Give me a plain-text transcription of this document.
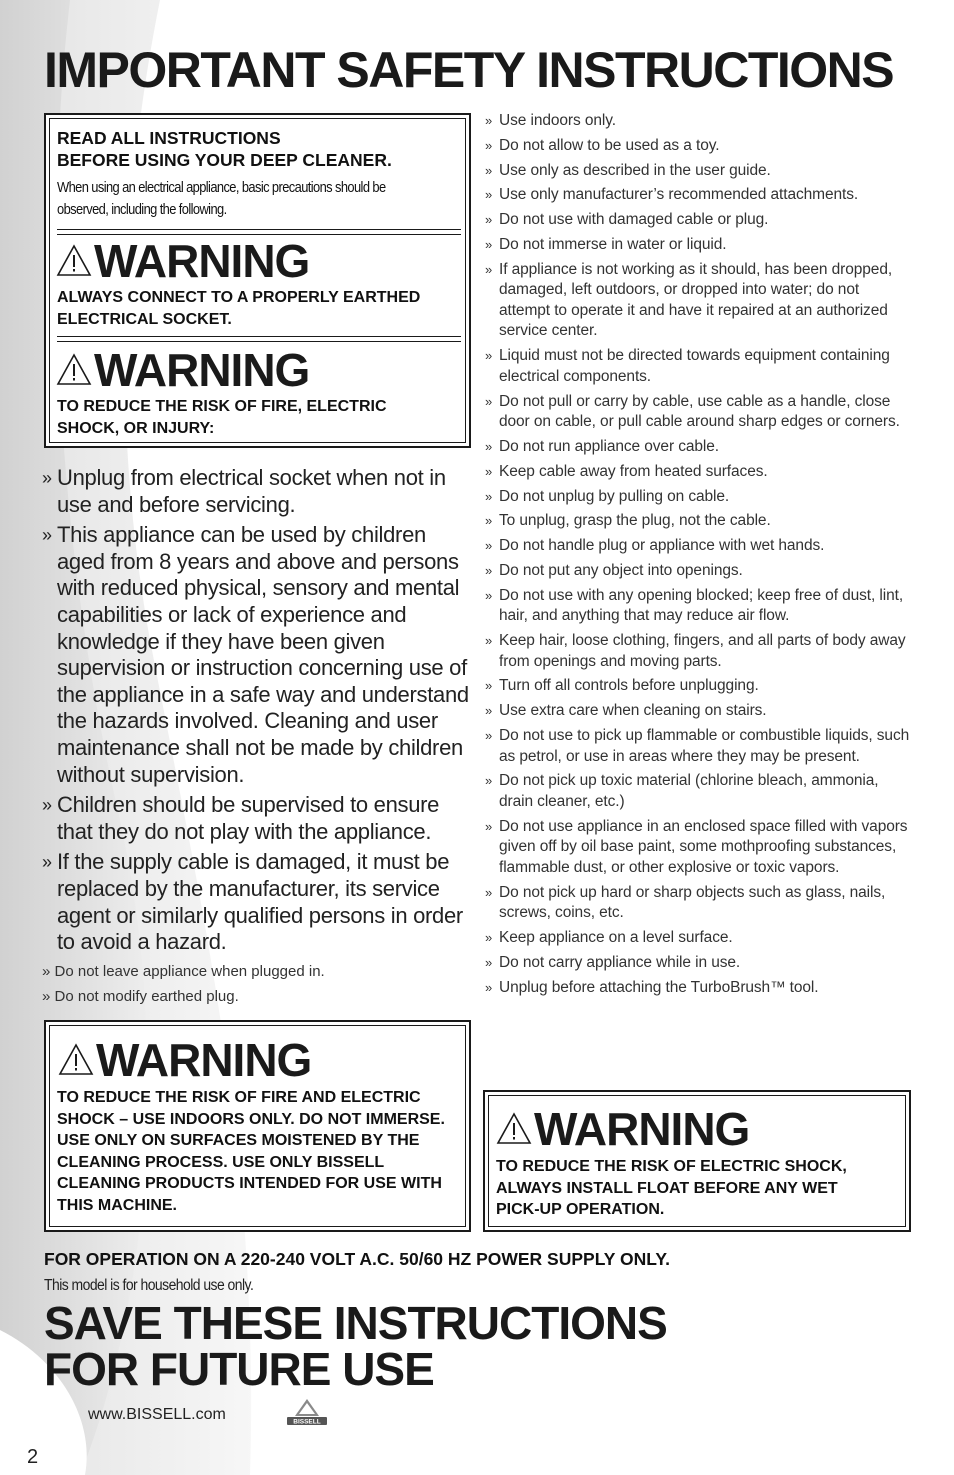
IMPORTANT SAFETY INSTRUCTIONS

READ ALL INSTRUCTIONS
BEFORE USING YOUR DEEP CLEANER.

When using an electrical appliance, basic precautions should be observed, including the following.

WARNING

ALWAYS CONNECT TO A PROPERLY EARTHED ELECTRICAL SOCKET.

WARNING

TO REDUCE THE RISK OF FIRE, ELECTRIC SHOCK, OR INJURY:

» Unplug from electrical socket when not in use and before servicing.
» This appliance can be used by children aged from 8 years and above and persons with reduced physical, sensory and mental capabilities or lack of experience and knowledge if they have been given supervision or instruction concerning use of the appliance in a safe way and understand the hazards involved. Cleaning and user maintenance shall not be made by children without supervision.
» Children should be supervised to ensure that they do not play with the appliance.
» If the supply cable is damaged, it must be replaced by the manufacturer, its service agent or similarly qualified persons in order to avoid a hazard.
» Do not leave appliance when plugged in.
» Do not modify earthed plug.
WARNING

TO REDUCE THE RISK OF FIRE AND ELECTRIC SHOCK – USE INDOORS ONLY. DO NOT IMMERSE. USE ONLY ON SURFACES MOISTENED BY THE CLEANING PROCESS. USE ONLY BISSELL CLEANING PRODUCTS INTENDED FOR USE WITH THIS MACHINE.

» Use indoors only.
» Do not allow to be used as a toy.
» Use only as described in the user guide.
» Use only manufacturer’s recommended attachments.
» Do not use with damaged cable or plug.
» Do not immerse in water or liquid.
» If appliance is not working as it should, has been dropped, damaged, left outdoors, or dropped into water; do not attempt to operate it and have it repaired at an authorized service center.
» Liquid must not be directed towards equipment containing electrical components.
» Do not pull or carry by cable, use cable as a handle, close door on cable, or pull cable around sharp edges or corners.
» Do not run appliance over cable.
» Keep cable away from heated surfaces.
» Do not unplug by pulling on cable.
» To unplug, grasp the plug, not the cable.
» Do not handle plug or appliance with wet hands.
» Do not put any object into openings.
» Do not use with any opening blocked; keep free of dust, lint, hair, and anything that may reduce air flow.
» Keep hair, loose clothing, fingers, and all parts of body away from openings and moving parts.
» Turn off all controls before unplugging.
» Use extra care when cleaning on stairs.
» Do not use to pick up flammable or combustible liquids, such as petrol, or use in areas where they may be present.
» Do not pick up toxic material (chlorine bleach, ammonia, drain cleaner, etc.)
» Do not use appliance in an enclosed space filled with vapors given off by oil base paint, some mothproofing substances, flammable dust, or other explosive or toxic vapors.
» Do not pick up hard or sharp objects such as glass, nails, screws, coins, etc.
» Keep appliance on a level surface.
» Do not carry appliance while in use.
» Unplug before attaching the TurboBrush™ tool.
WARNING

TO REDUCE THE RISK OF ELECTRIC SHOCK, ALWAYS INSTALL FLOAT BEFORE ANY WET PICK-UP OPERATION.

FOR OPERATION ON A 220-240 VOLT A.C. 50/60 HZ POWER SUPPLY ONLY.

This model is for household use only.

SAVE THESE INSTRUCTIONS
FOR FUTURE USE
2
www.BISSELL.com	BISSELL
